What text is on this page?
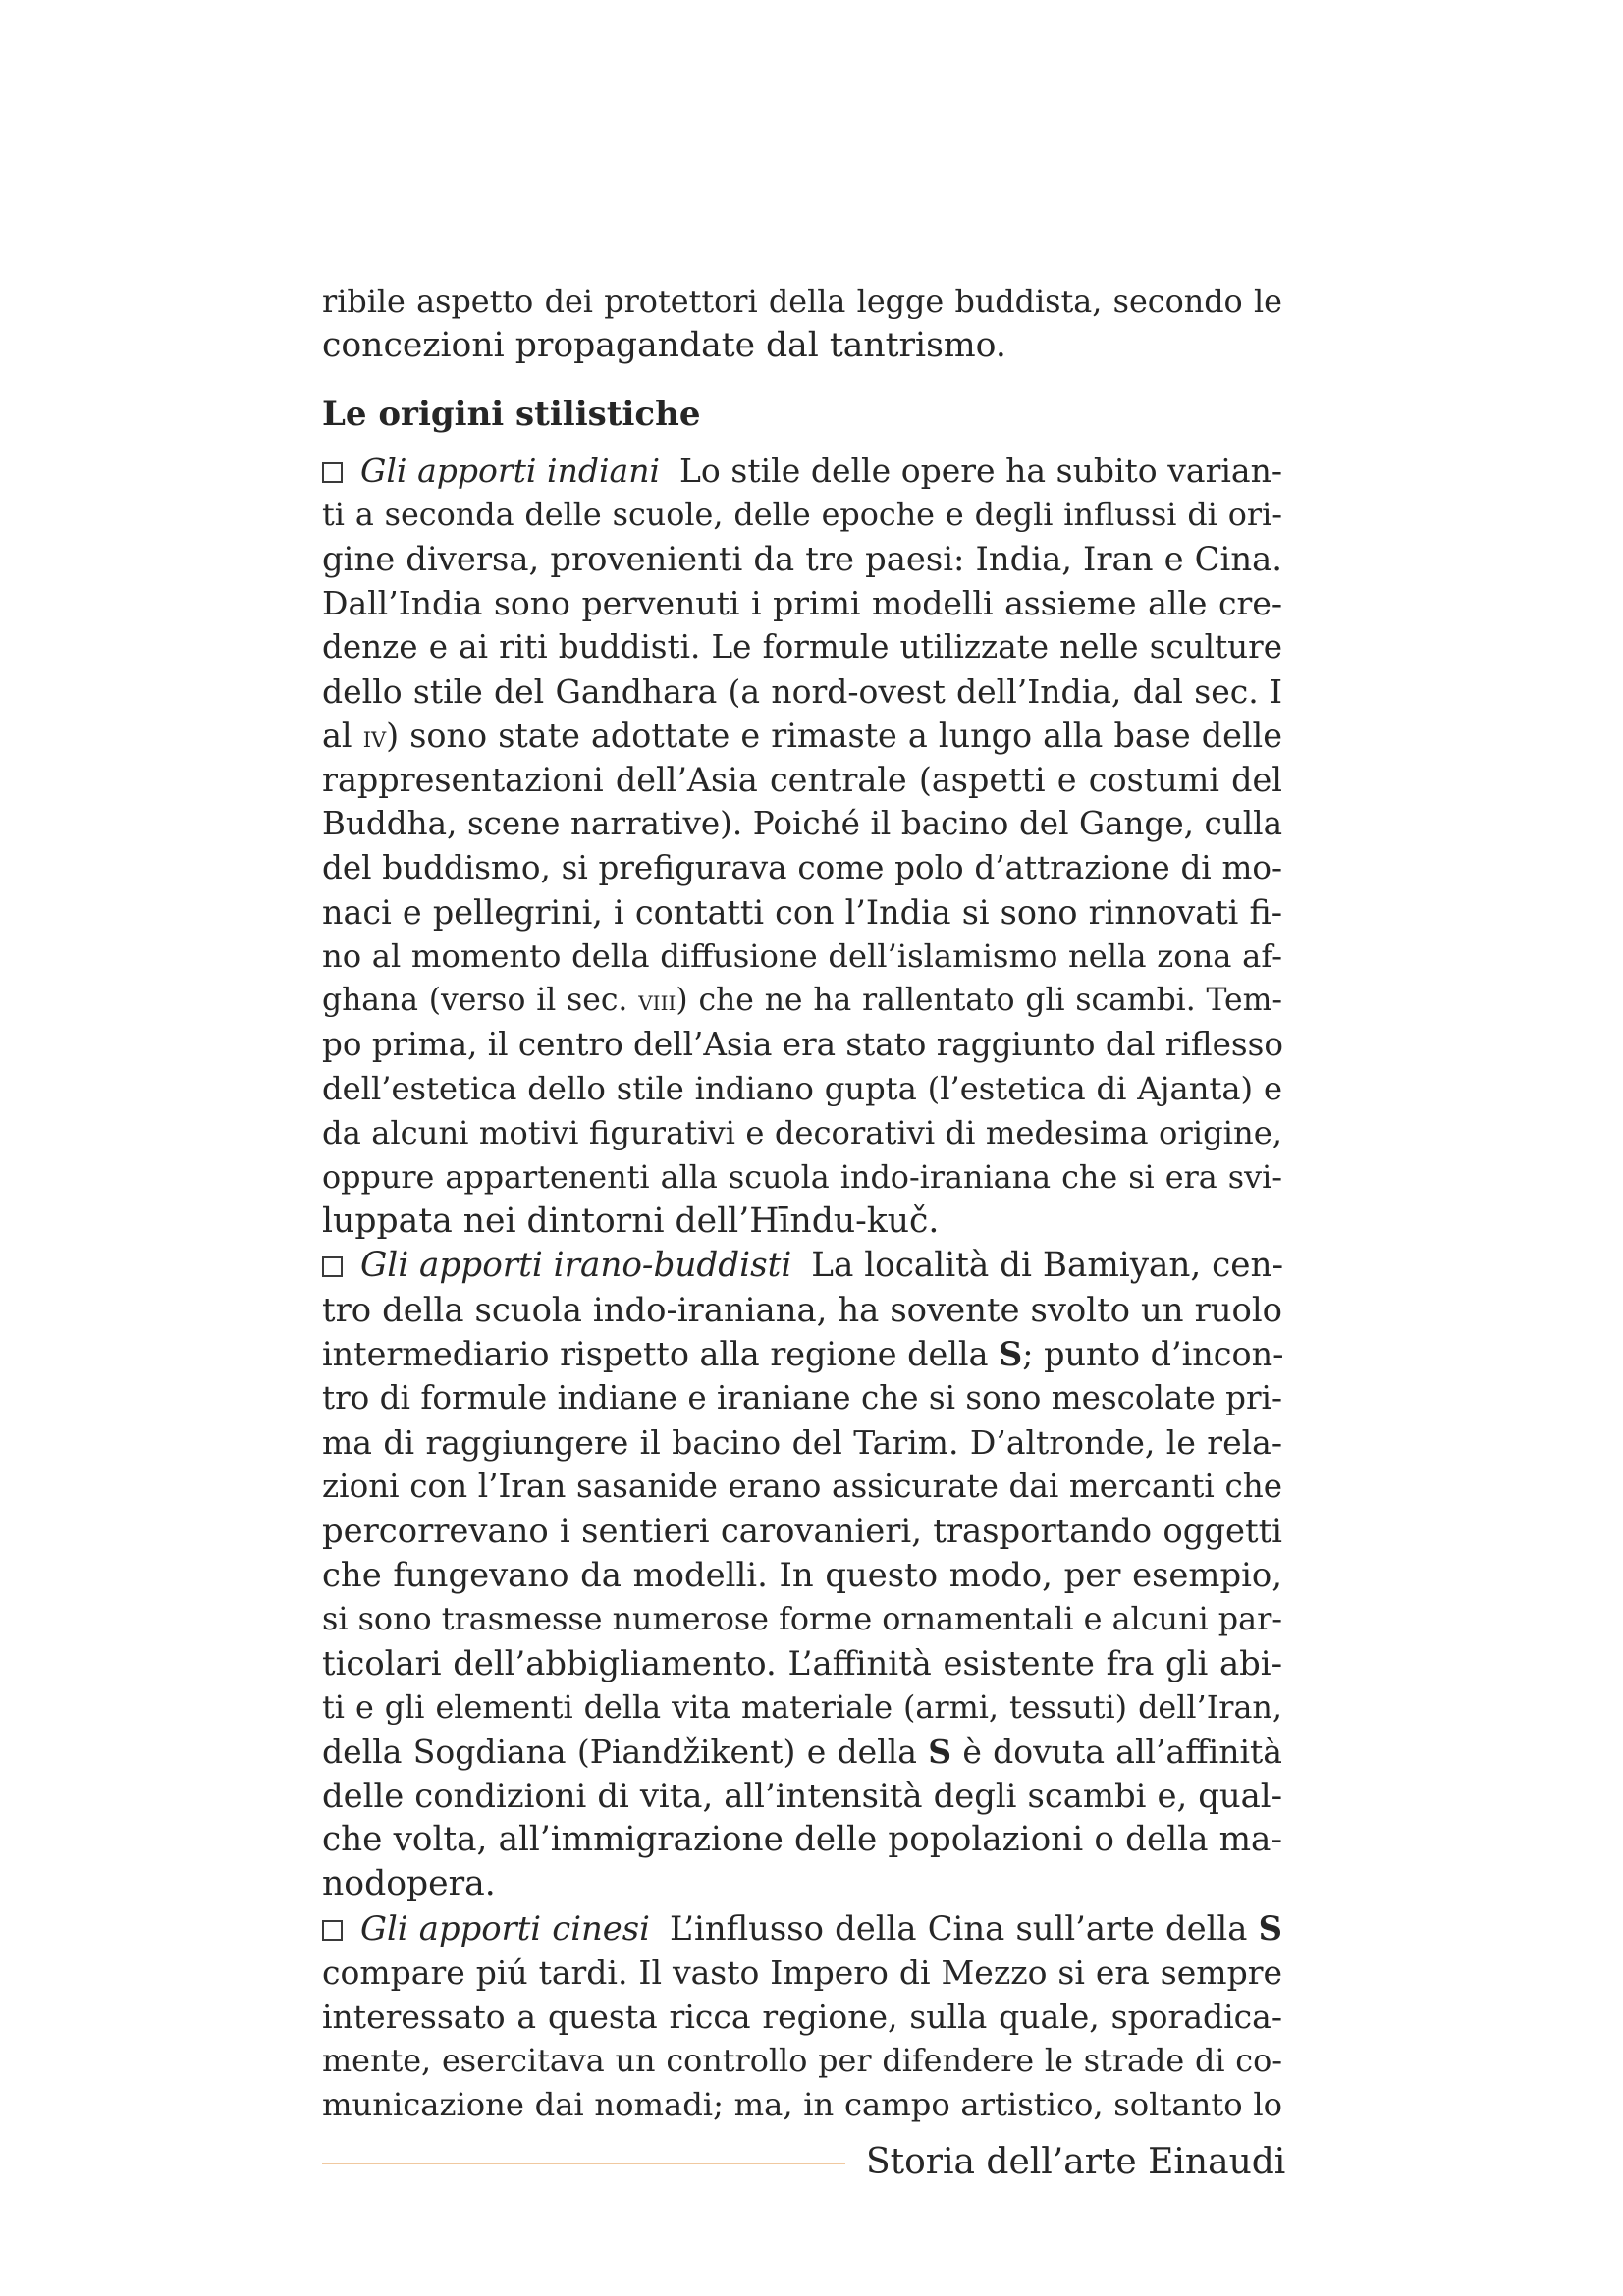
ribile aspetto dei protettori della legge buddista, secondo le
concezioni propagandate dal tantrismo.
Le origini stilistiche
Gli apporti indiani Lo stile delle opere ha subito varian-
ti a seconda delle scuole, delle epoche e degli influssi di ori-
gine diversa, provenienti da tre paesi: India, Iran e Cina.
Dall’India sono pervenuti i primi modelli assieme alle cre-
denze e ai riti buddisti. Le formule utilizzate nelle sculture
dello stile del Gandhara (a nord-ovest dell’India, dal sec. I
al iv) sono state adottate e rimaste a lungo alla base delle
rappresentazioni dell’Asia centrale (aspetti e costumi del
Buddha, scene narrative). Poiché il bacino del Gange, culla
del buddismo, si prefigurava come polo d’attrazione di mo-
naci e pellegrini, i contatti con l’India si sono rinnovati fi-
no al momento della diffusione dell’islamismo nella zona af-
ghana (verso il sec. viii) che ne ha rallentato gli scambi. Tem-
po prima, il centro dell’Asia era stato raggiunto dal riflesso
dell’estetica dello stile indiano gupta (l’estetica di Ajanta) e
da alcuni motivi figurativi e decorativi di medesima origine,
oppure appartenenti alla scuola indo-iraniana che si era svi-
luppata nei dintorni dell’Hīndu-kuč.
Gli apporti irano-buddisti La località di Bamiyan, cen-
tro della scuola indo-iraniana, ha sovente svolto un ruolo
intermediario rispetto alla regione della S; punto d’incon-
tro di formule indiane e iraniane che si sono mescolate pri-
ma di raggiungere il bacino del Tarim. D’altronde, le rela-
zioni con l’Iran sasanide erano assicurate dai mercanti che
percorrevano i sentieri carovanieri, trasportando oggetti
che fungevano da modelli. In questo modo, per esempio,
si sono trasmesse numerose forme ornamentali e alcuni par-
ticolari dell’abbigliamento. L’affinità esistente fra gli abi-
ti e gli elementi della vita materiale (armi, tessuti) dell’Iran,
della Sogdiana (Piandžikent) e della S è dovuta all’affinità
delle condizioni di vita, all’intensità degli scambi e, qual-
che volta, all’immigrazione delle popolazioni o della ma-
nodopera.
Gli apporti cinesi L’influsso della Cina sull’arte della S
compare piú tardi. Il vasto Impero di Mezzo si era sempre
interessato a questa ricca regione, sulla quale, sporadica-
mente, esercitava un controllo per difendere le strade di co-
municazione dai nomadi; ma, in campo artistico, soltanto lo
Storia dell’arte Einaudi
